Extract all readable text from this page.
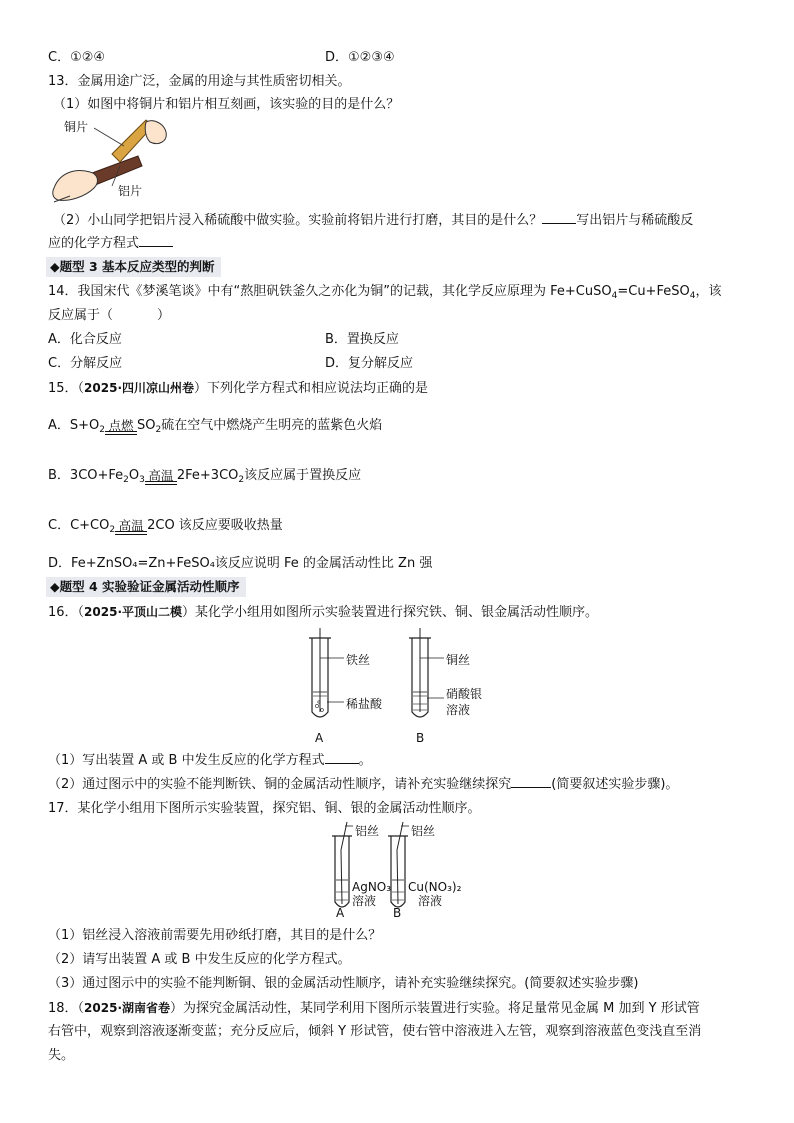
C．①②④	D．①②③④
13．金属用途广泛，金属的用途与其性质密切相关。
（1）如图中将铜片和铝片相互刻画，该实验的目的是什么？
铜片
铝片
（2）小山同学把铝片浸入稀硫酸中做实验。实验前将铝片进行打磨，其目的是什么？	写出铝片与稀硫酸反
应的化学方程式
◆题型 3 基本反应类型的判断
14．我国宋代《梦溪笔谈》中有“熬胆矾铁釜久之亦化为铜”的记载，其化学反应原理为 Fe+CuSO$_4$=Cu+FeSO$_4$，该
反应属于（	）
A．化合反应	B．置换反应
C．分解反应	D．复分解反应
15．（2025·四川凉山州卷）下列化学方程式和相应说法均正确的是
A．$S+O_2$ 点燃 $SO_2$硫在空气中燃烧产生明亮的蓝紫色火焰
B．$3CO+Fe_2O_3$ 高温 $2Fe+3CO_2$该反应属于置换反应
C．$C+CO_2$ 高温 2CO 该反应要吸收热量
D．Fe+ZnSO₄=Zn+FeSO₄该反应说明 Fe 的金属活动性比 Zn 强
◆题型 4 实验验证金属活动性顺序
16．（2025·平顶山二模）某化学小组用如图所示实验装置进行探究铁、铜、银金属活动性顺序。
铁丝
稀盐酸
铜丝
硝酸银
溶液
A	B
（1）写出装置 A 或 B 中发生反应的化学方程式	。
（2）通过图示中的实验不能判断铁、铜的金属活动性顺序，请补充实验继续探究	(简要叙述实验步骤)。
17．某化学小组用下图所示实验装置，探究铝、铜、银的金属活动性顺序。
铝丝	铝丝
AgNO₃
溶液
Cu(NO₃)₂
溶液
A	B
（1）铝丝浸入溶液前需要先用砂纸打磨，其目的是什么？
（2）请写出装置 A 或 B 中发生反应的化学方程式。
（3）通过图示中的实验不能判断铜、银的金属活动性顺序，请补充实验继续探究。(简要叙述实验步骤)
18．（2025·湖南省卷）为探究金属活动性，某同学利用下图所示装置进行实验。将足量常见金属 M 加到 Y 形试管
右管中，观察到溶液逐渐变蓝；充分反应后，倾斜 Y 形试管，使右管中溶液进入左管，观察到溶液蓝色变浅直至消
失。
